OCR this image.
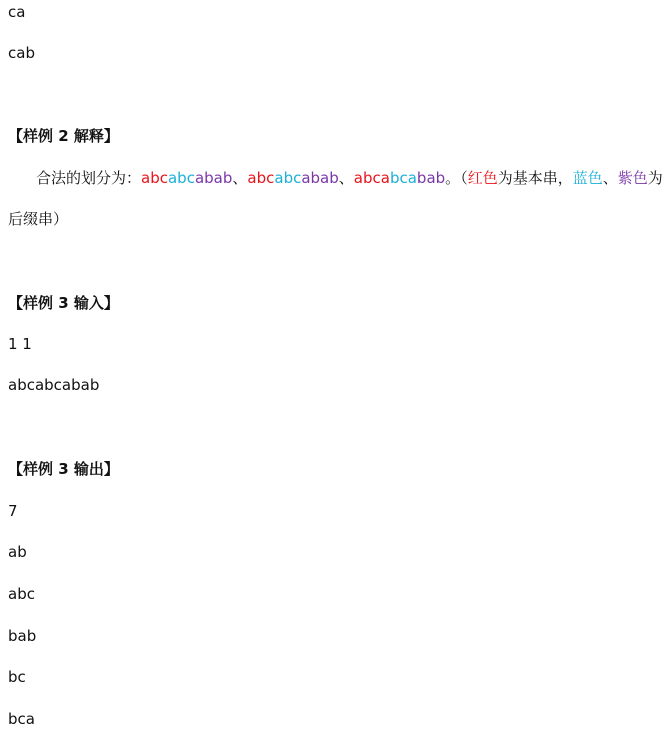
ca
cab
【样例 2 解释】
合法的划分为：abcabcabab、abcabcabab、abcabcabab。（红色为基本串，蓝色、紫色为
后缀串）
【样例 3 输入】
1 1
abcabcabab
【样例 3 输出】
7
ab
abc
bab
bc
bca
